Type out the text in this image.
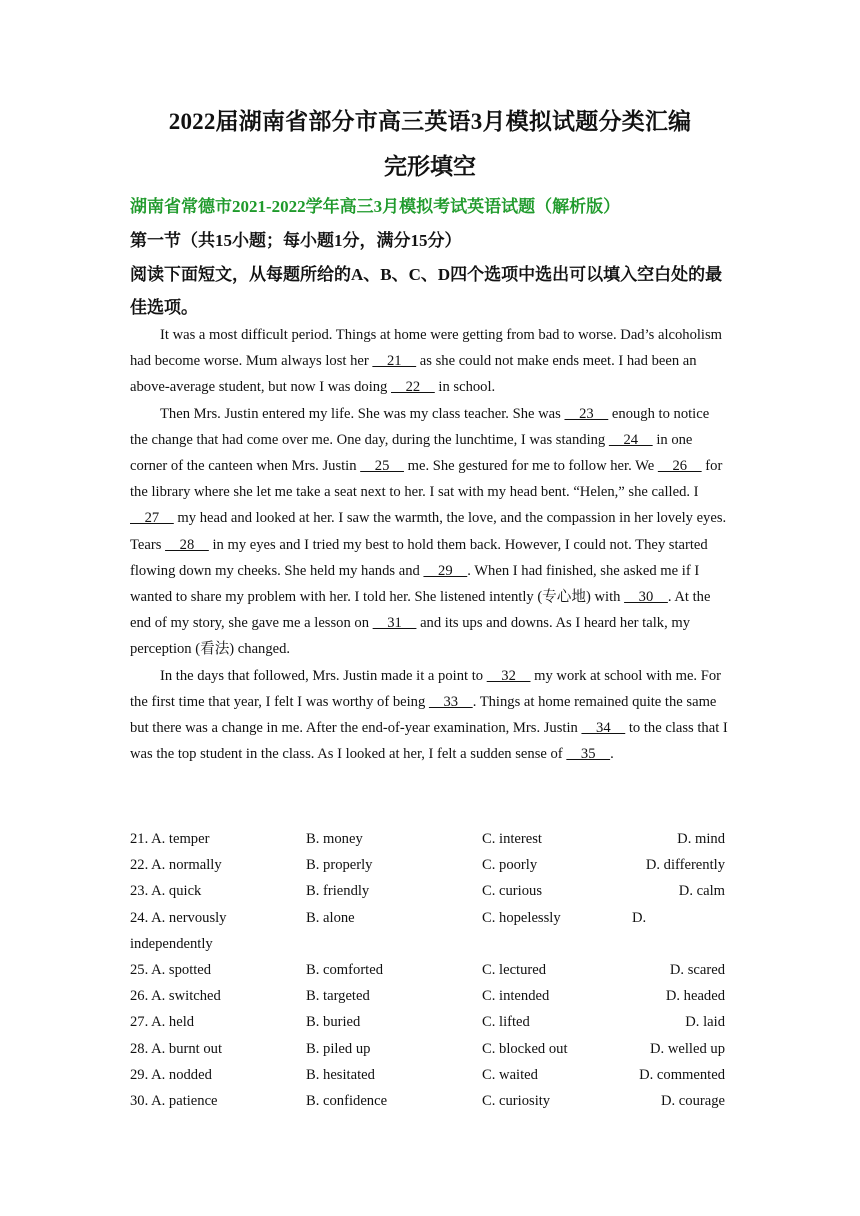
2022届湖南省部分市高三英语3月模拟试题分类汇编
完形填空
湖南省常德市2021-2022学年高三3月模拟考试英语试题（解析版）
第一节（共15小题；每小题1分，满分15分）
阅读下面短文，从每题所给的A、B、C、D四个选项中选出可以填入空白处的最佳选项。

It was a most difficult period. Things at home were getting from bad to worse. Dad’s alcoholism had become worse. Mum always lost her     21     as she could not make ends meet. I had been an above-average student, but now I was doing     22     in school.

Then Mrs. Justin entered my life. She was my class teacher. She was     23     enough to notice the change that had come over me. One day, during the lunchtime, I was standing     24     in one corner of the canteen when Mrs. Justin     25     me. She gestured for me to follow her. We     26     for the library where she let me take a seat next to her. I sat with my head bent. “Helen,” she called. I     27     my head and looked at her. I saw the warmth, the love, and the compassion in her lovely eyes. Tears     28     in my eyes and I tried my best to hold them back. However, I could not. They started flowing down my cheeks. She held my hands and     29    . When I had finished, she asked me if I wanted to share my problem with her. I told her. She listened intently (专心地) with     30    . At the end of my story, she gave me a lesson on     31     and its ups and downs. As I heard her talk, my perception (看法) changed.

In the days that followed, Mrs. Justin made it a point to     32     my work at school with me. For the first time that year, I felt I was worthy of being     33    . Things at home remained quite the same but there was a change in me. After the end-of-year examination, Mrs. Justin     34     to the class that I was the top student in the class. As I looked at her, I felt a sudden sense of     35    .

21. A. temper	B. money	C. interest	D. mind
22. A. normally	B. properly	C. poorly	D. differently
23. A. quick	B. friendly	C. curious	D. calm
24. A. nervously	B. alone	C. hopelessly	D.
independently
25. A. spotted	B. comforted	C. lectured	D. scared
26. A. switched	B. targeted	C. intended	D. headed
27. A. held	B. buried	C. lifted	D. laid
28. A. burnt out	B. piled up	C. blocked out	D. welled up
29. A. nodded	B. hesitated	C. waited	D. commented
30. A. patience	B. confidence	C. curiosity	D. courage
